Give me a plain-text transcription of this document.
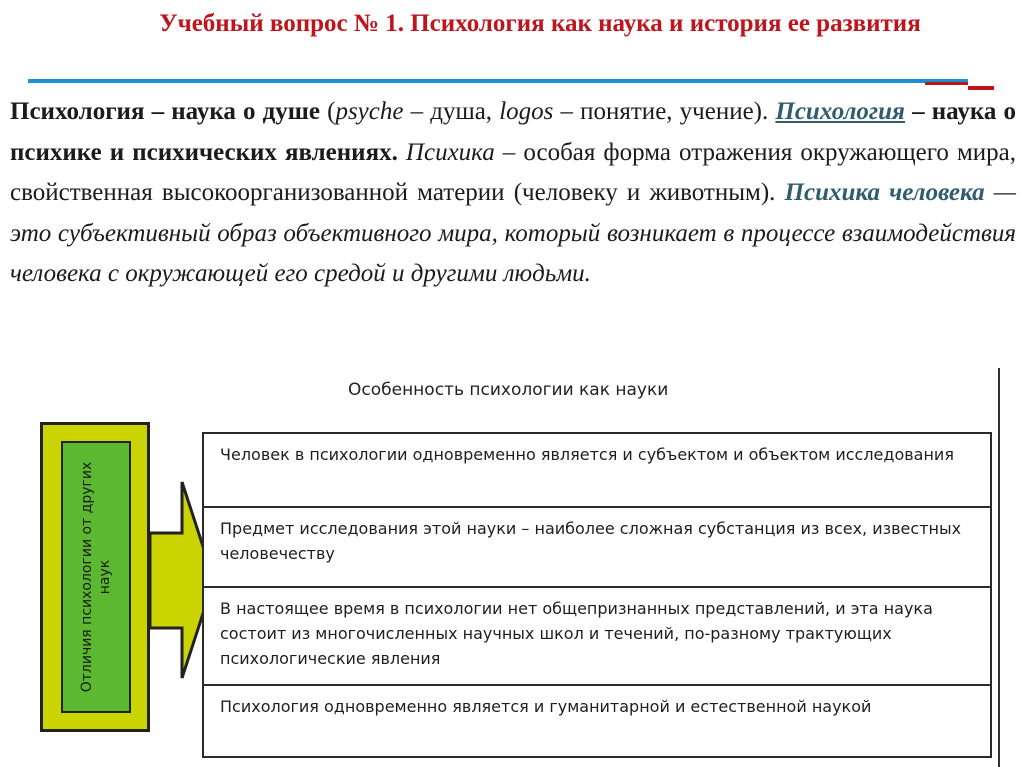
Учебный вопрос № 1. Психология как наука и история ее развития
Психология – наука о душе (psyche – душа, logos – понятие, учение). Психология – наука о психике и психических явлениях. Психика – особая форма отражения окружающего мира, свойственная высокоорганизованной материи (человеку и животным). Психика человека — это субъективный образ объективного мира, который возникает в процессе взаимодействия человека с окружающей его средой и другими людьми.
Особенность психологии как науки
Отличия психологии от других наук
Человек в психологии одновременно является и субъектом и объектом исследования
Предмет исследования этой науки – наиболее сложная субстанция из всех, известных человечеству
В настоящее время в психологии нет общепризнанных представлений, и эта наука состоит из многочисленных научных школ и течений, по-разному трактующих психологические явления
Психология одновременно является и гуманитарной и естественной наукой
